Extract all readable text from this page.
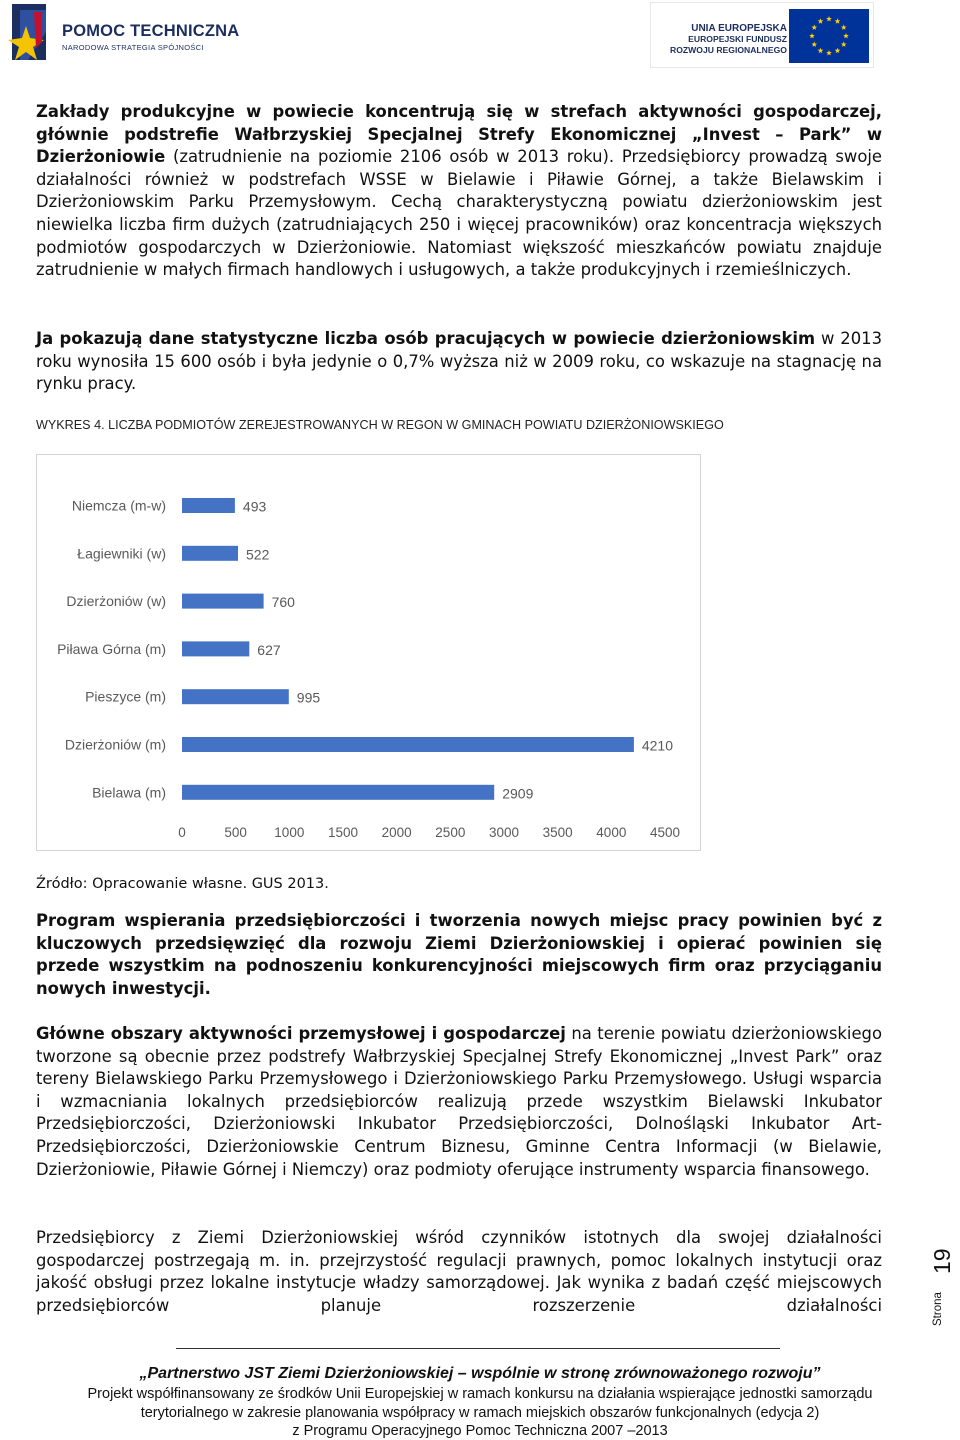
POMOC TECHNICZNA
NARODOWA STRATEGIA SPÓJNOŚCI
UNIA EUROPEJSKA
EUROPEJSKI FUNDUSZ
ROZWOJU REGIONALNEGO

Zakłady produkcyjne w powiecie koncentrują się w strefach aktywności gospodarczej, głównie podstrefie Wałbrzyskiej Specjalnej Strefy Ekonomicznej „Invest – Park” w Dzierżoniowie (zatrudnienie na poziomie 2106 osób w 2013 roku). Przedsiębiorcy prowadzą swoje działalności również w podstrefach WSSE w Bielawie i Piławie Górnej, a także Bielawskim i Dzierżoniowskim Parku Przemysłowym. Cechą charakterystyczną powiatu dzierżoniowskim jest niewielka liczba firm dużych (zatrudniających 250 i więcej pracowników) oraz koncentracja większych podmiotów gospodarczych w Dzierżoniowie. Natomiast większość mieszkańców powiatu znajduje zatrudnienie w małych firmach handlowych i usługowych, a także produkcyjnych i rzemieślniczych.

Ja pokazują dane statystyczne liczba osób pracujących w powiecie dzierżoniowskim w 2013 roku wynosiła 15 600 osób i była jedynie o 0,7% wyższa niż w 2009 roku, co wskazuje na stagnację na rynku pracy.

WYKRES 4. LICZBA PODMIOTÓW ZEREJESTROWANYCH W REGON W GMINACH POWIATU DZIERŻONIOWSKIEGO
Niemcza (m-w)	493
Łagiewniki (w)	522
Dzierżoniów (w)	760
Piława Górna (m)	627
Pieszyce (m)	995
Dzierżoniów (m)	4210
Bielawa (m)	2909
0	500 1000 1500 2000 2500 3000 3500 4000 4500
Źródło: Opracowanie własne. GUS 2013.

Program wspierania przedsiębiorczości i tworzenia nowych miejsc pracy powinien być z kluczowych przedsięwzięć dla rozwoju Ziemi Dzierżoniowskiej i opierać powinien się przede wszystkim na podnoszeniu konkurencyjności miejscowych firm oraz przyciąganiu nowych inwestycji.

Główne obszary aktywności przemysłowej i gospodarczej na terenie powiatu dzierżoniowskiego tworzone są obecnie przez podstrefy Wałbrzyskiej Specjalnej Strefy Ekonomicznej „Invest Park” oraz tereny Bielawskiego Parku Przemysłowego i Dzierżoniowskiego Parku Przemysłowego. Usługi wsparcia i wzmacniania lokalnych przedsiębiorców realizują przede wszystkim Bielawski Inkubator Przedsiębiorczości, Dzierżoniowski Inkubator Przedsiębiorczości, Dolnośląski Inkubator Art-Przedsiębiorczości, Dzierżoniowskie Centrum Biznesu, Gminne Centra Informacji (w Bielawie, Dzierżoniowie, Piławie Górnej i Niemczy) oraz podmioty oferujące instrumenty wsparcia finansowego.

Przedsiębiorcy z Ziemi Dzierżoniowskiej wśród czynników istotnych dla swojej działalności gospodarczej postrzegają m. in. przejrzystość regulacji prawnych, pomoc lokalnych instytucji oraz jakość obsługi przez lokalne instytucje władzy samorządowej. Jak wynika z badań część miejscowych przedsiębiorców planuje rozszerzenie działalności	Strona
19
„Partnerstwo JST Ziemi Dzierżoniowskiej – wspólnie w stronę zrównoważonego rozwoju”
Projekt współfinansowany ze środków Unii Europejskiej w ramach konkursu na działania wspierające jednostki samorządu
terytorialnego w zakresie planowania współpracy w ramach miejskich obszarów funkcjonalnych (edycja 2)
z Programu Operacyjnego Pomoc Techniczna 2007 –2013
